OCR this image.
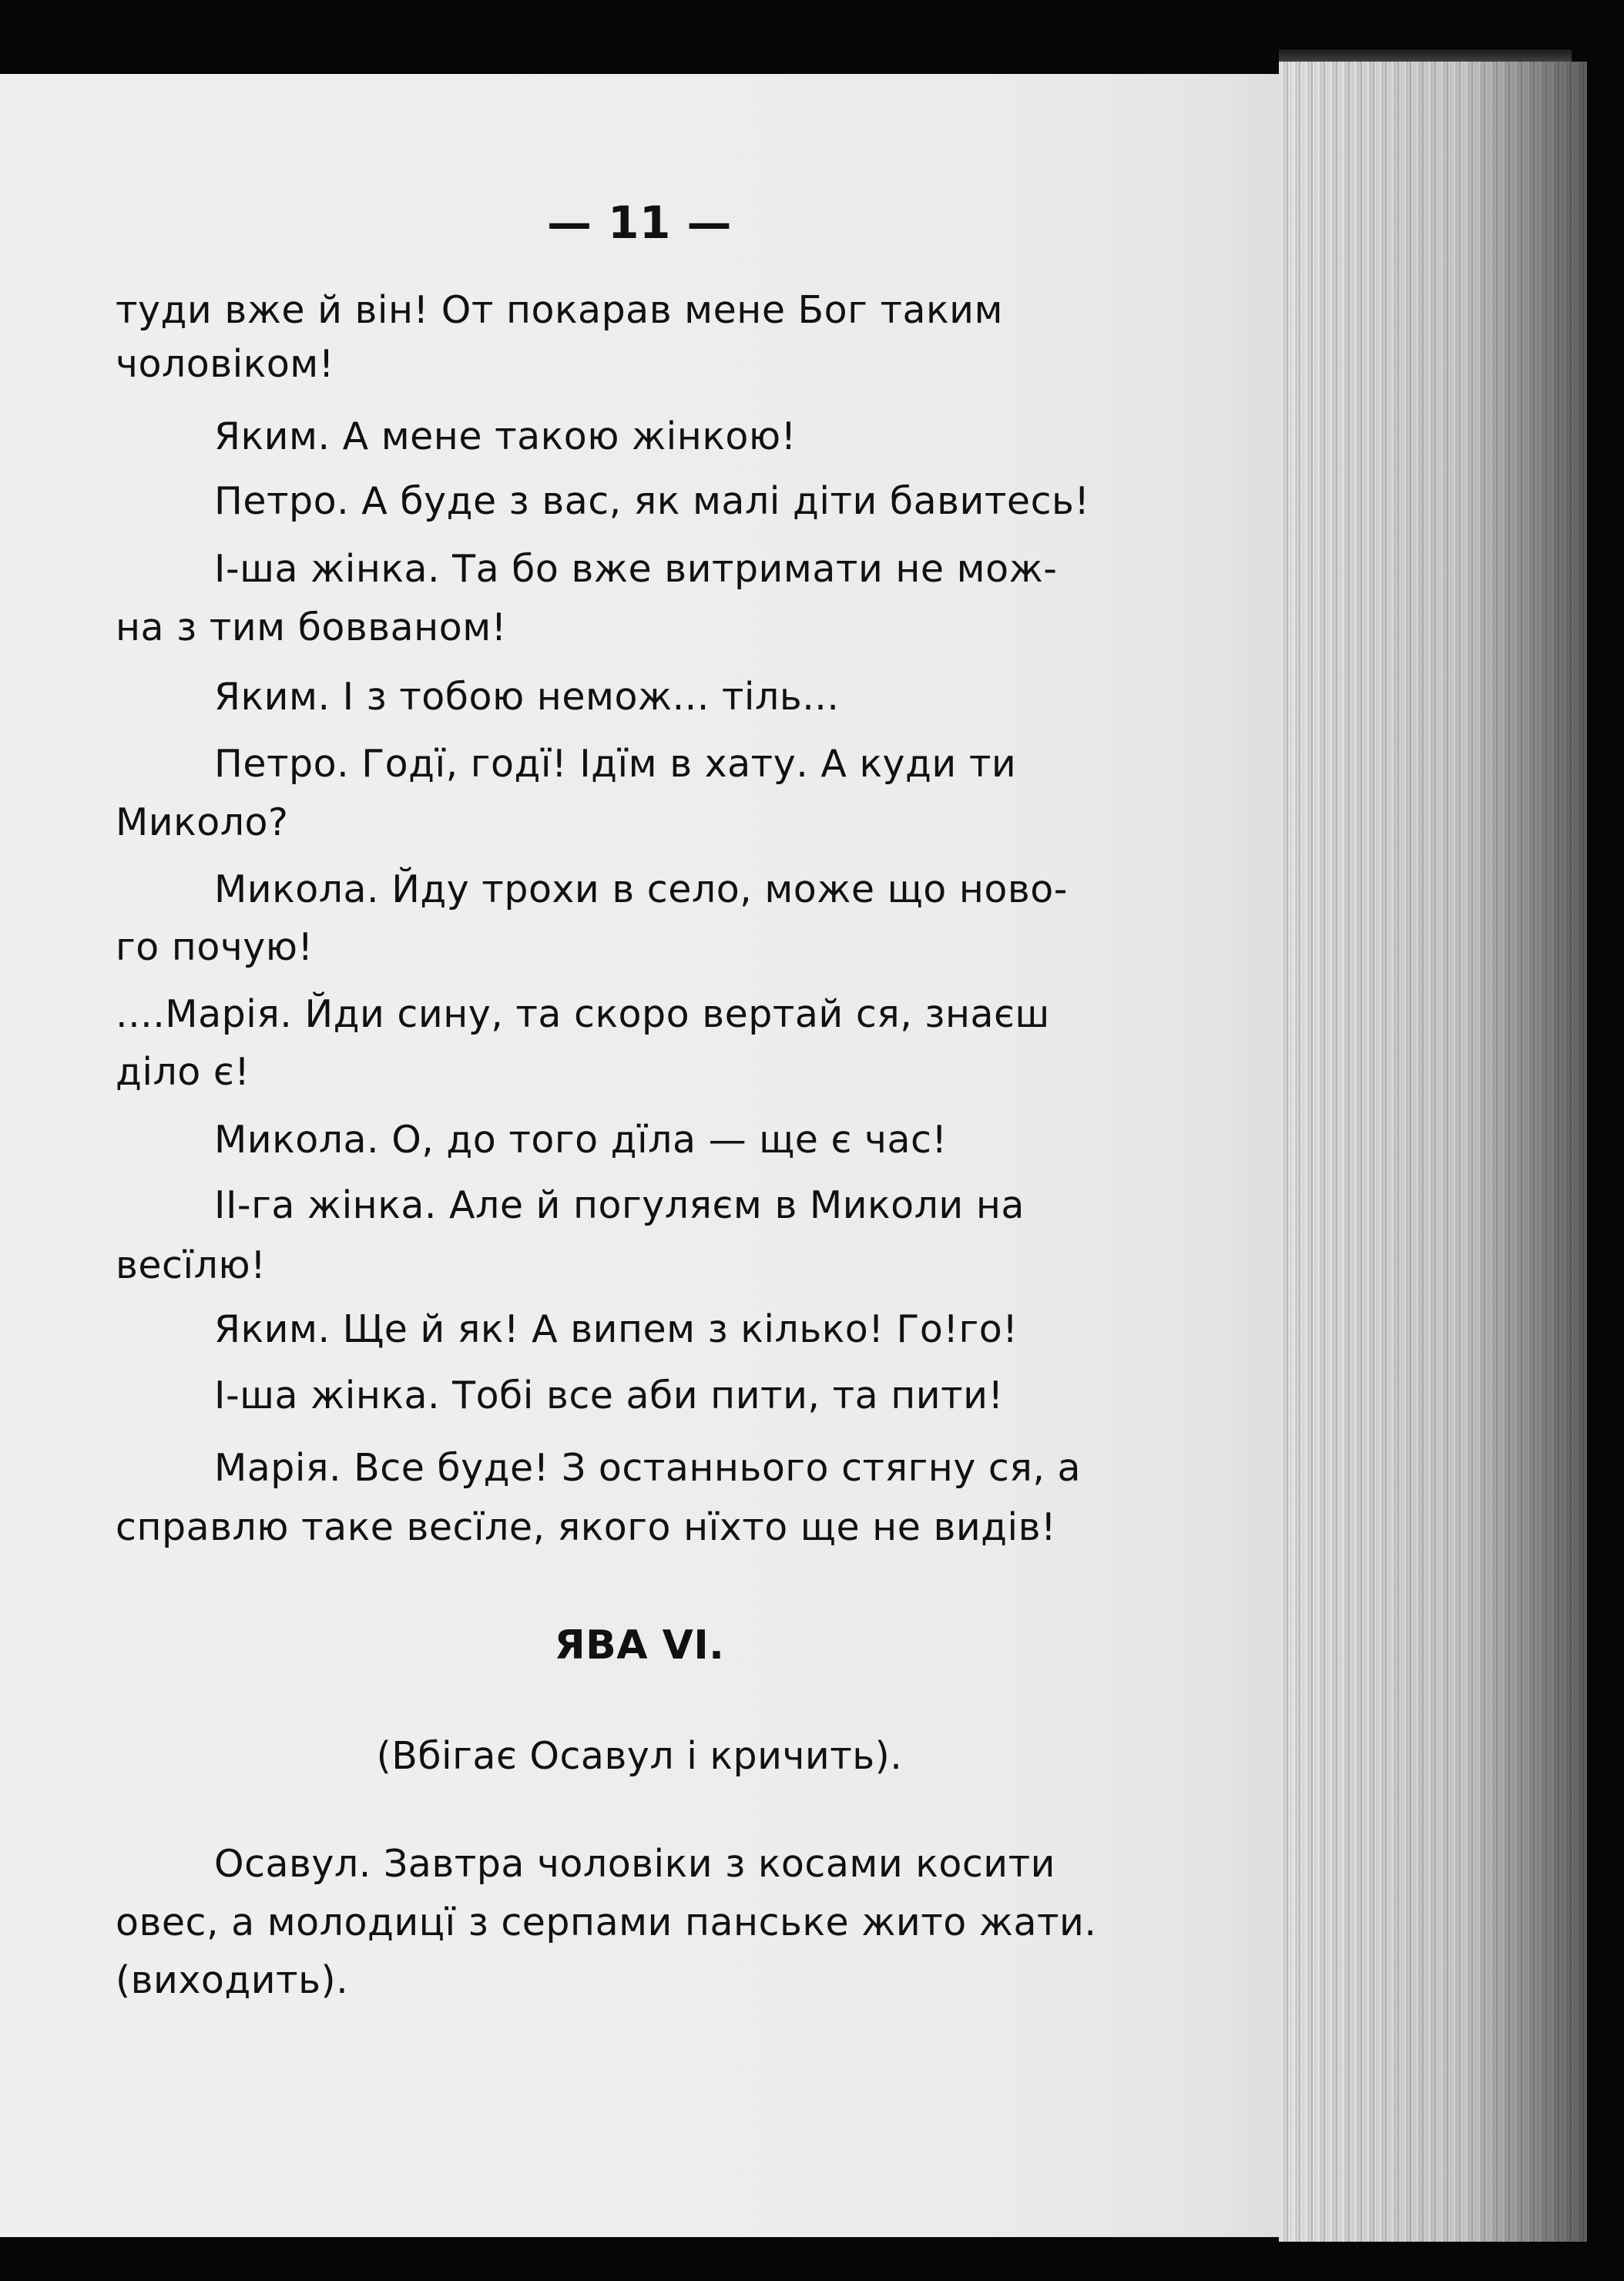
— 11 —
туди вже й він! От покарав мене Бог таким
чоловіком!
Яким. А мене такою жінкою!
Петро. А буде з вас, як малі діти бавитесь!
І-ша жінка. Та бо вже витримати не мож-
на з тим бовваном!
Яким. І з тобою немож... тіль...
Петро. Годї, годї! Ідїм в хату. А куди ти
Миколо?
Микола. Йду трохи в село, може що ново-
го почую!
....Марія. Йди сину, та скоро вертай ся, знаєш
діло є!
Микола. О, до того дїла — ще є час!
ІІ-га жінка. Але й погуляєм в Миколи на
весїлю!
Яким. Ще й як! А випем з кілько! Го!го!
І-ша жінка. Тобі все аби пити, та пити!
Марія. Все буде! З останнього стягну ся, а
справлю таке весїле, якого нїхто ще не видів!
ЯВА VI.
(Вбігає Осавул і кричить).
Осавул. Завтра чоловіки з косами косити
овес, а молодицї з серпами панське жито жати.
(виходить).
